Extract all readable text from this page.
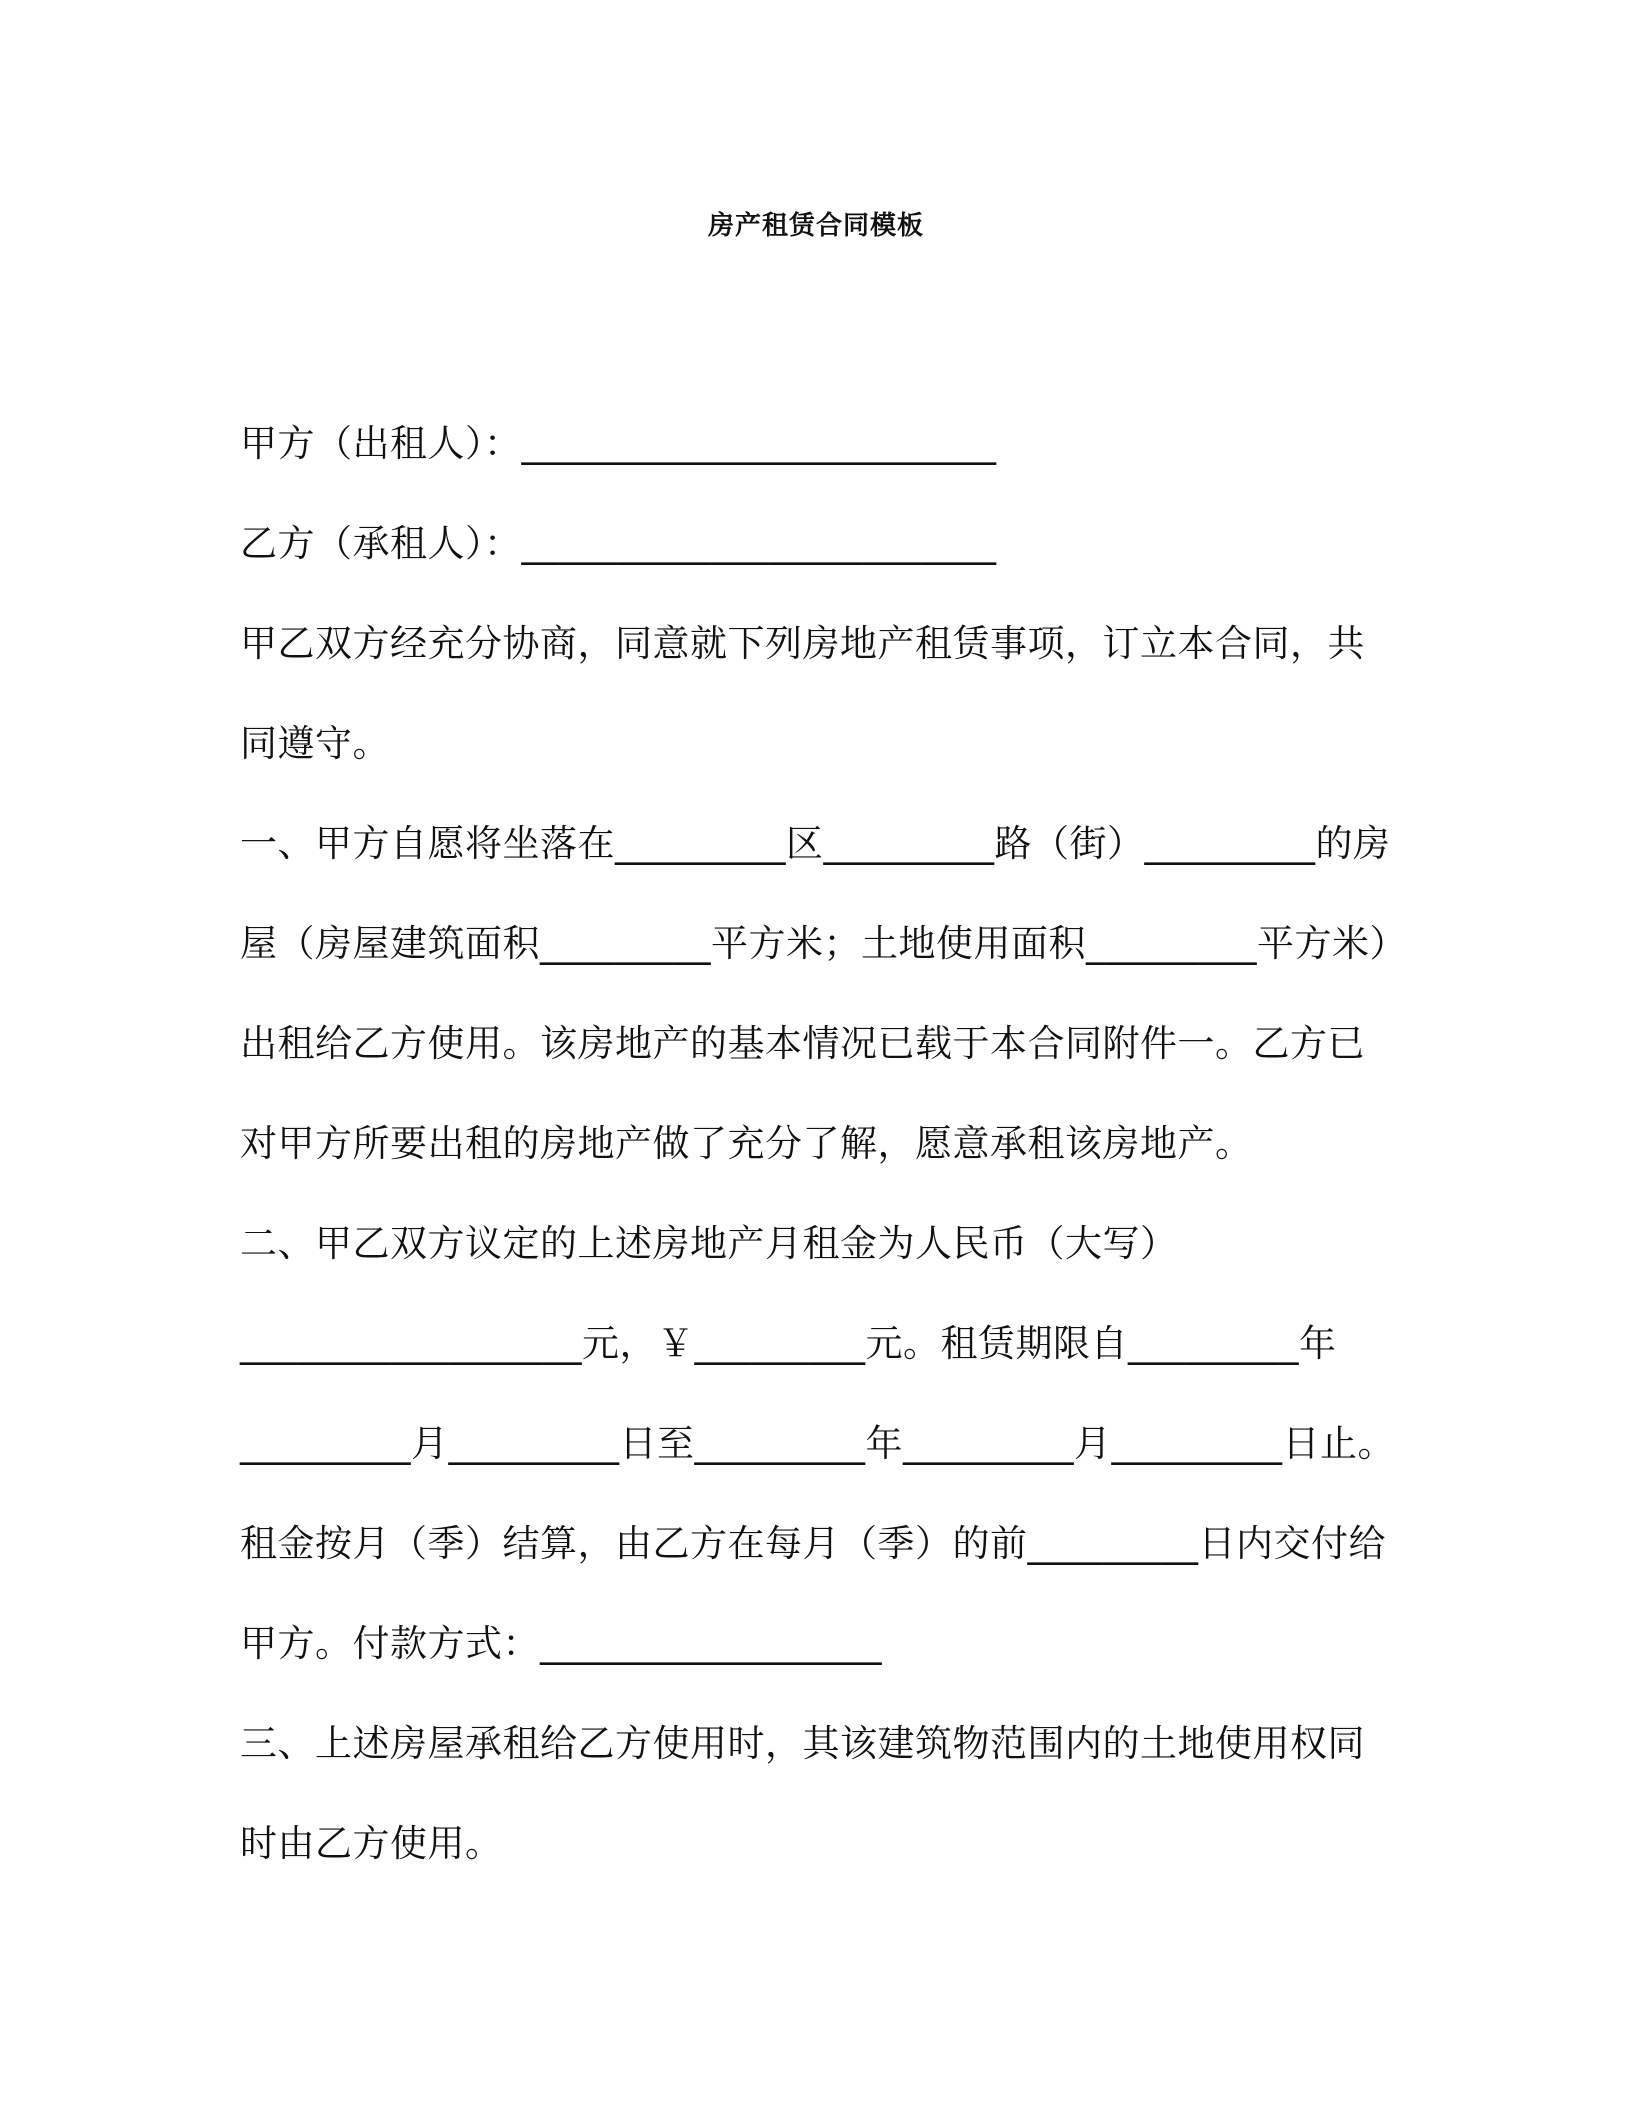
房产租赁合同模板
甲方（出租人）：_________________________
乙方（承租人）：_________________________
甲乙双方经充分协商，同意就下列房地产租赁事项，订立本合同，共
同遵守。
一、甲方自愿将坐落在_________区_________路（街）_________的房
屋（房屋建筑面积_________平方米；土地使用面积_________平方米）
出租给乙方使用。该房地产的基本情况已载于本合同附件一。乙方已
对甲方所要出租的房地产做了充分了解，愿意承租该房地产。
二、甲乙双方议定的上述房地产月租金为人民币（大写）
__________________元，￥_________元。租赁期限自_________年
_________月_________日至_________年_________月_________日止。
租金按月（季）结算，由乙方在每月（季）的前_________日内交付给
甲方。付款方式：__________________
三、上述房屋承租给乙方使用时，其该建筑物范围内的土地使用权同
时由乙方使用。
